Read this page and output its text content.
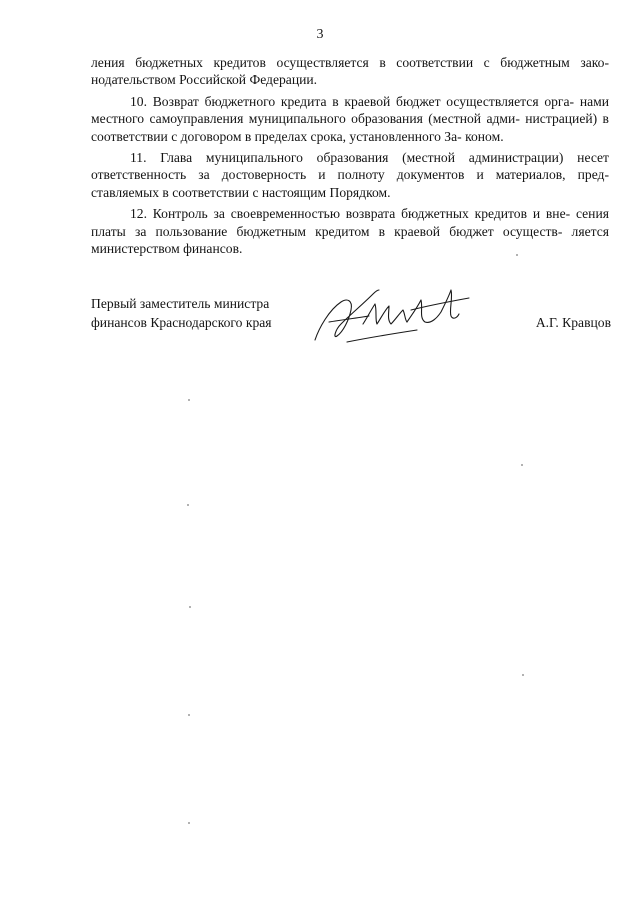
3

ления бюджетных кредитов осуществляется в соответствии с бюджетным зако- нодательством Российской Федерации.

10. Возврат бюджетного кредита в краевой бюджет осуществляется орга- нами местного самоуправления муниципального образования (местной адми- нистрацией) в соответствии с договором в пределах срока, установленного За- коном.

11. Глава муниципального образования (местной администрации) несет ответственность за достоверность и полноту документов и материалов, пред- ставляемых в соответствии с настоящим Порядком.

12. Контроль за своевременностью возврата бюджетных кредитов и вне- сения платы за пользование бюджетным кредитом в краевой бюджет осуществ- ляется министерством финансов.

Первый заместитель министра
финансов Краснодарского края	А.Г. Кравцов
